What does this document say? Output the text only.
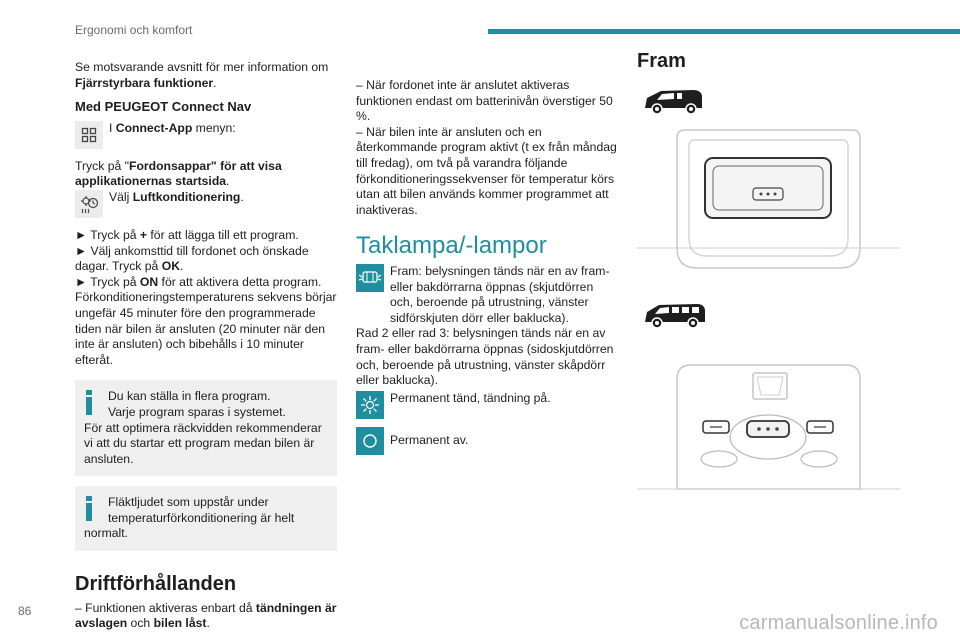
Ergonomi och komfort

Se motsvarande avsnitt för mer information om Fjärrstyrbara funktioner.

Med PEUGEOT Connect Nav
I Connect-App menyn:

Tryck på "Fordonsappar" för att visa applikationernas startsida.

Välj Luftkonditionering.

► Tryck på + för att lägga till ett program.

► Välj ankomsttid till fordonet och önskade dagar. Tryck på OK.

► Tryck på ON för att aktivera detta program.

Förkonditioneringstemperaturens sekvens börjar ungefär 45 minuter före den programmerade tiden när bilen är ansluten (20 minuter när den inte är ansluten) och bibehålls i 10 minuter efteråt.

Du kan ställa in flera program.
Varje program sparas i systemet.
För att optimera räckvidden rekommenderar vi att du startar ett program medan bilen är ansluten.
Fläktljudet som uppstår under temperaturförkonditionering är helt
normalt.
Driftförhållanden

– Funktionen aktiveras enbart då tändningen är avslagen och bilen låst.

– När fordonet inte är anslutet aktiveras funktionen endast om batterinivån överstiger 50 %.

– När bilen inte är ansluten och en återkommande program aktivt (t ex från måndag till fredag), om två på varandra följande förkonditioneringssekvenser för temperatur körs utan att bilen används kommer programmet att inaktiveras.

Taklampa/-lampor
Fram: belysningen tänds när en av fram- eller bakdörrarna öppnas (skjutdörren och, beroende på utrustning, vänster sidförskjuten dörr eller baklucka).

Rad 2 eller rad 3: belysningen tänds när en av fram- eller bakdörrarna öppnas (sidoskjutdörren och, beroende på utrustning, vänster skåpdörr eller baklucka).

Permanent tänd, tändning på.
Permanent av.
Fram
86
carmanualsonline.info
